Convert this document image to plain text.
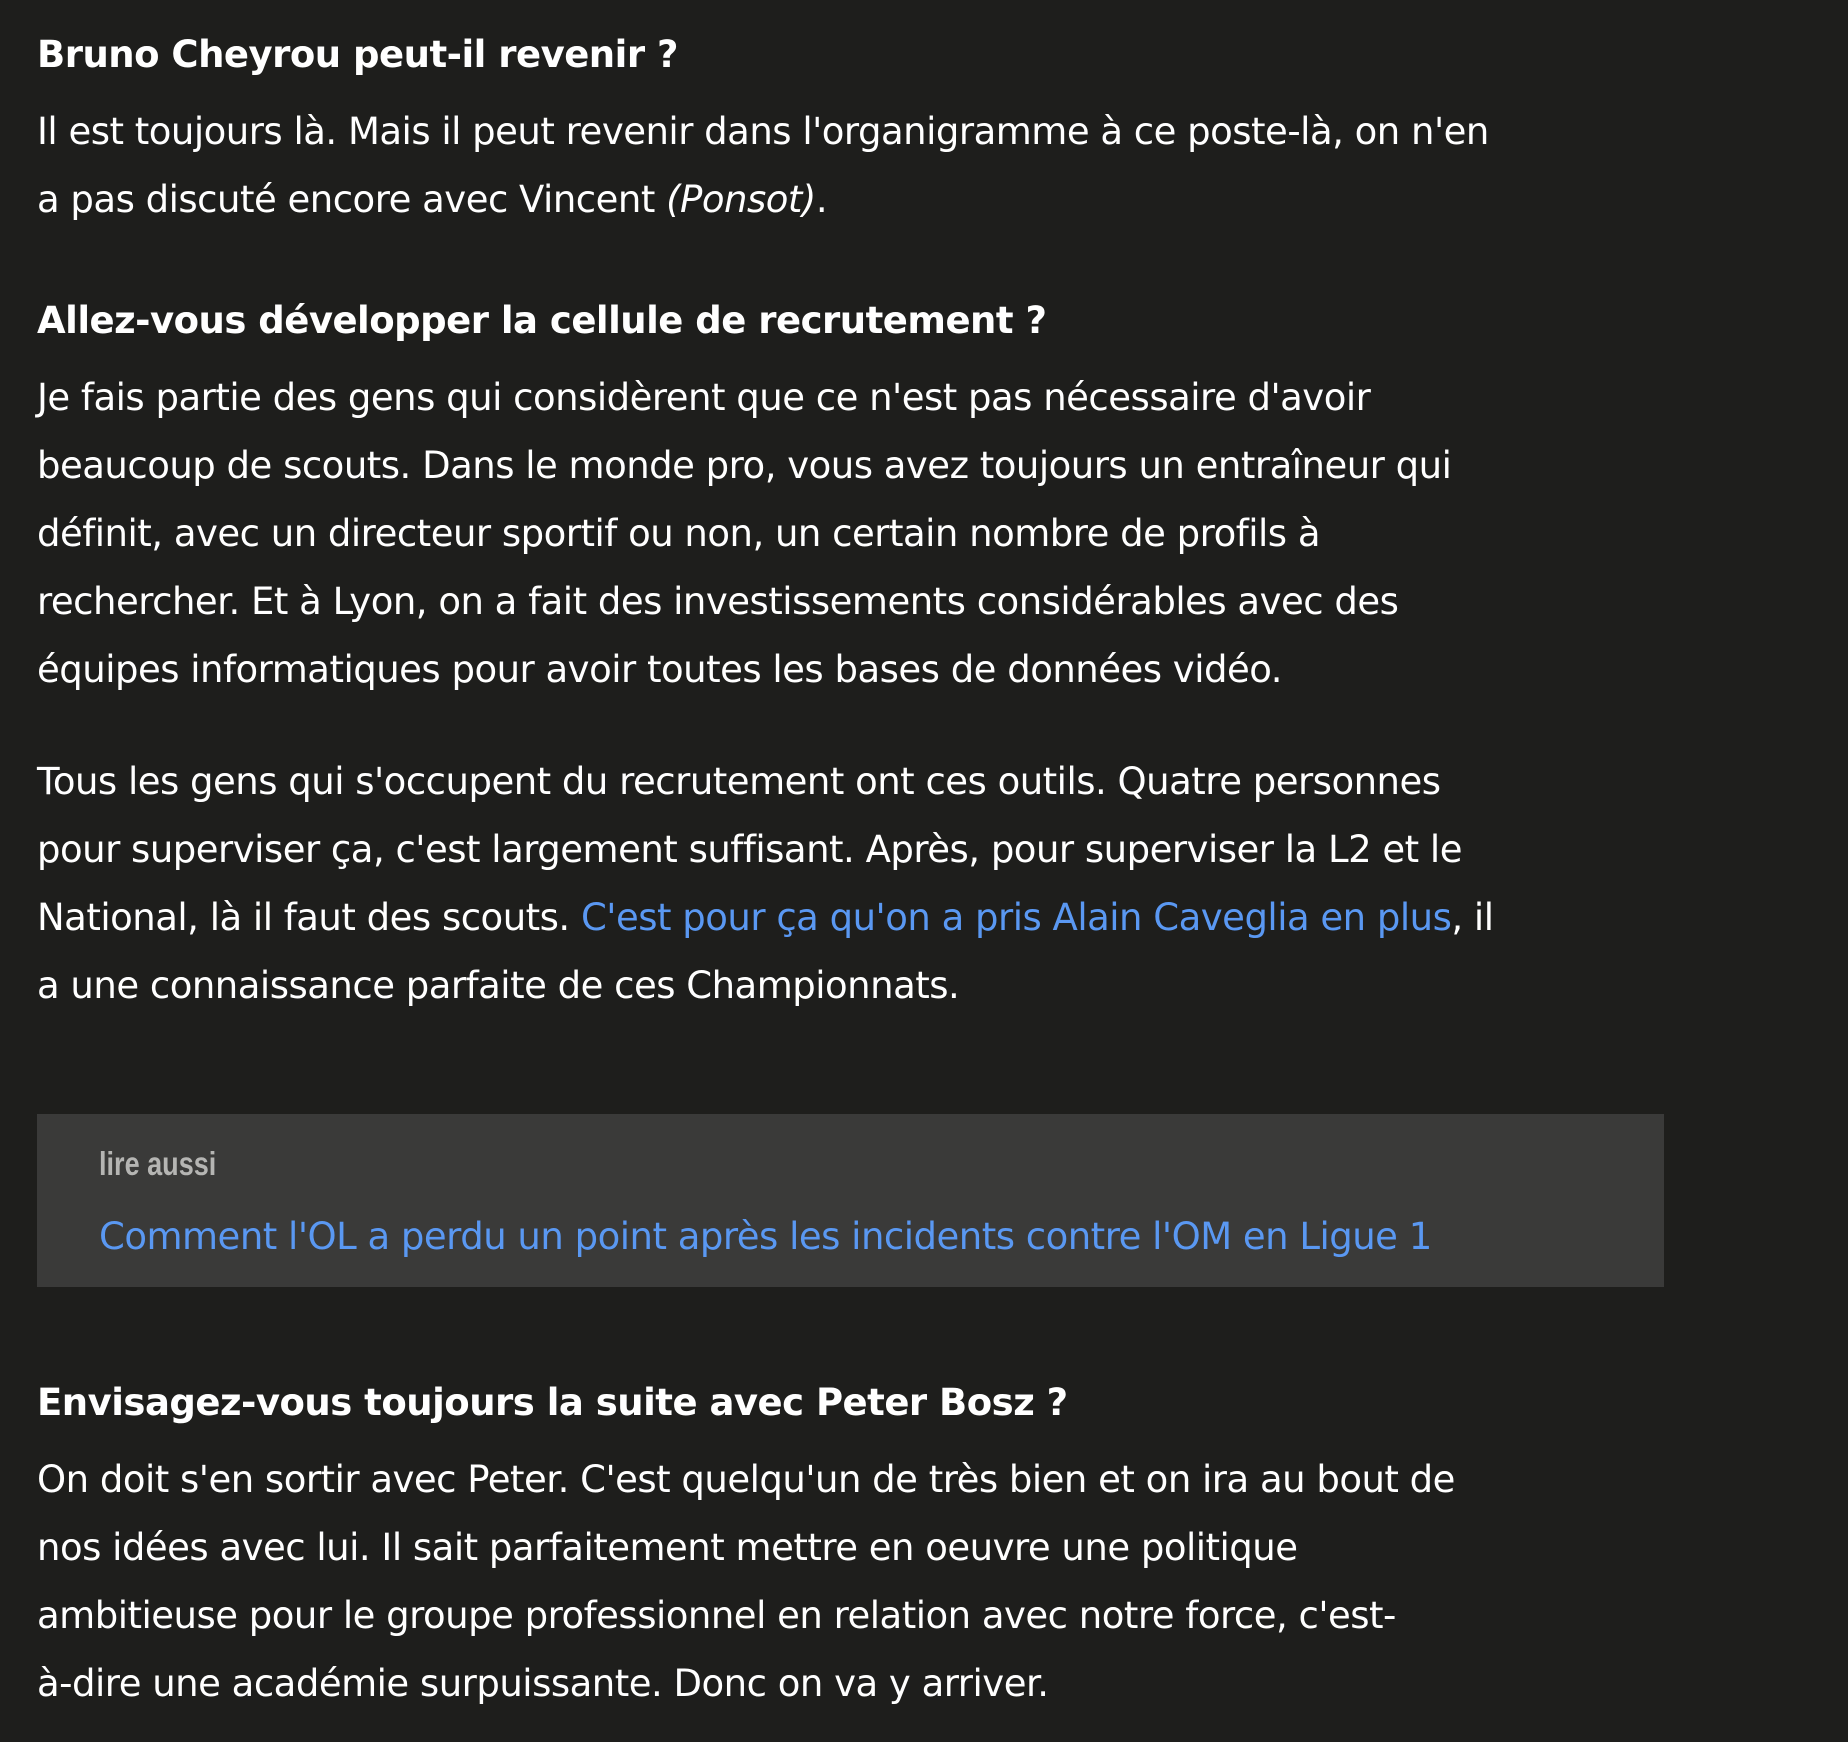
Bruno Cheyrou peut-il revenir ?

Il est toujours là. Mais il peut revenir dans l'organigramme à ce poste-là, on n'en
a pas discuté encore avec Vincent (Ponsot).

Allez-vous développer la cellule de recrutement ?

Je fais partie des gens qui considèrent que ce n'est pas nécessaire d'avoir
beaucoup de scouts. Dans le monde pro, vous avez toujours un entraîneur qui
définit, avec un directeur sportif ou non, un certain nombre de profils à
rechercher. Et à Lyon, on a fait des investissements considérables avec des
équipes informatiques pour avoir toutes les bases de données vidéo.
Tous les gens qui s'occupent du recrutement ont ces outils. Quatre personnes
pour superviser ça, c'est largement suffisant. Après, pour superviser la L2 et le
National, là il faut des scouts. C'est pour ça qu'on a pris Alain Caveglia en plus, il
a une connaissance parfaite de ces Championnats.
lire aussi
Comment l'OL a perdu un point après les incidents contre l'OM en Ligue 1

Envisagez-vous toujours la suite avec Peter Bosz ?

On doit s'en sortir avec Peter. C'est quelqu'un de très bien et on ira au bout de
nos idées avec lui. Il sait parfaitement mettre en oeuvre une politique
ambitieuse pour le groupe professionnel en relation avec notre force, c'est-
à-dire une académie surpuissante. Donc on va y arriver.
